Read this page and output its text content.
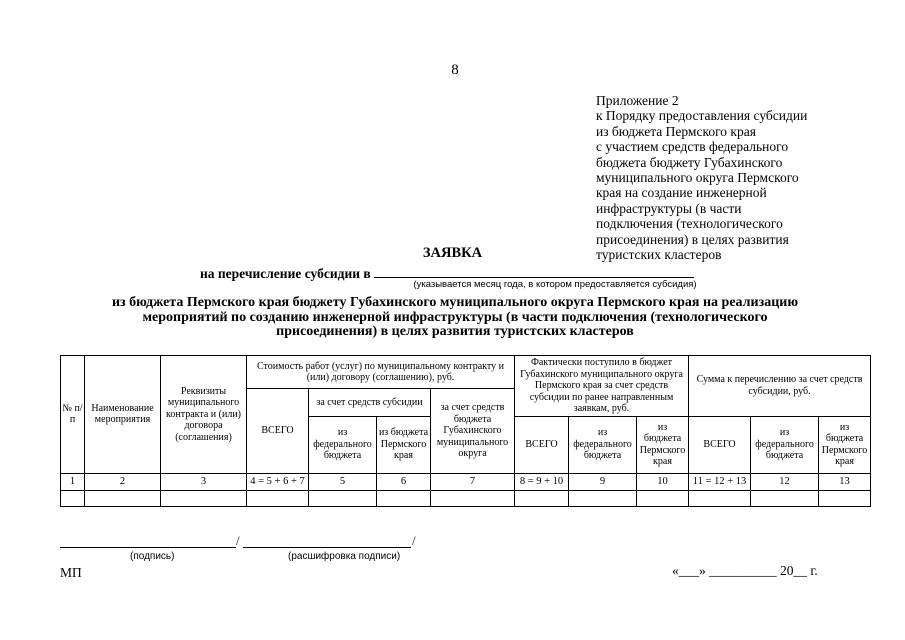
8
Приложение 2
к Порядку предоставления субсидии
из бюджета Пермского края
с участием средств федерального
бюджета бюджету Губахинского
муниципального округа Пермского
края на создание инженерной
инфраструктуры (в части
подключения (технологического
присоединения) в целях развития
туристских кластеров
ЗАЯВКА
на перечисление субсидии в
(указывается месяц года, в котором предоставляется субсидия)
из бюджета Пермского края бюджету Губахинского муниципального округа Пермского края на реализацию
мероприятий по созданию инженерной инфраструктуры (в части подключения (технологического
присоединения) в целях развития туристских кластеров
№ п/п	Наименование мероприятия	Реквизиты муниципального контракта и (или) договора (соглашения)	Стоимость работ (услуг) по муниципальному контракту и (или) договору (соглашению), руб.				Фактически поступило в бюджет Губахинского муниципального округа Пермского края за счет средств субсидии по ранее направленным заявкам, руб.			Сумма к перечислению за счет средств субсидии, руб.		
			ВСЕГО	за счет средств субсидии		за счет средств бюджета Губахинского муниципального округа						
				из федерального бюджета	из бюджета Пермского края		ВСЕГО	из федерального бюджета	из бюджета Пермского края	ВСЕГО	из федерального бюджета	из бюджета Пермского края
1	2	3	4 = 5 + 6 + 7	5	6	7	8 = 9 + 10	9	10	11 = 12 + 13	12	13

/	/
(подпись)	(расшифровка подписи)
МП	«___» __________ 20__ г.
